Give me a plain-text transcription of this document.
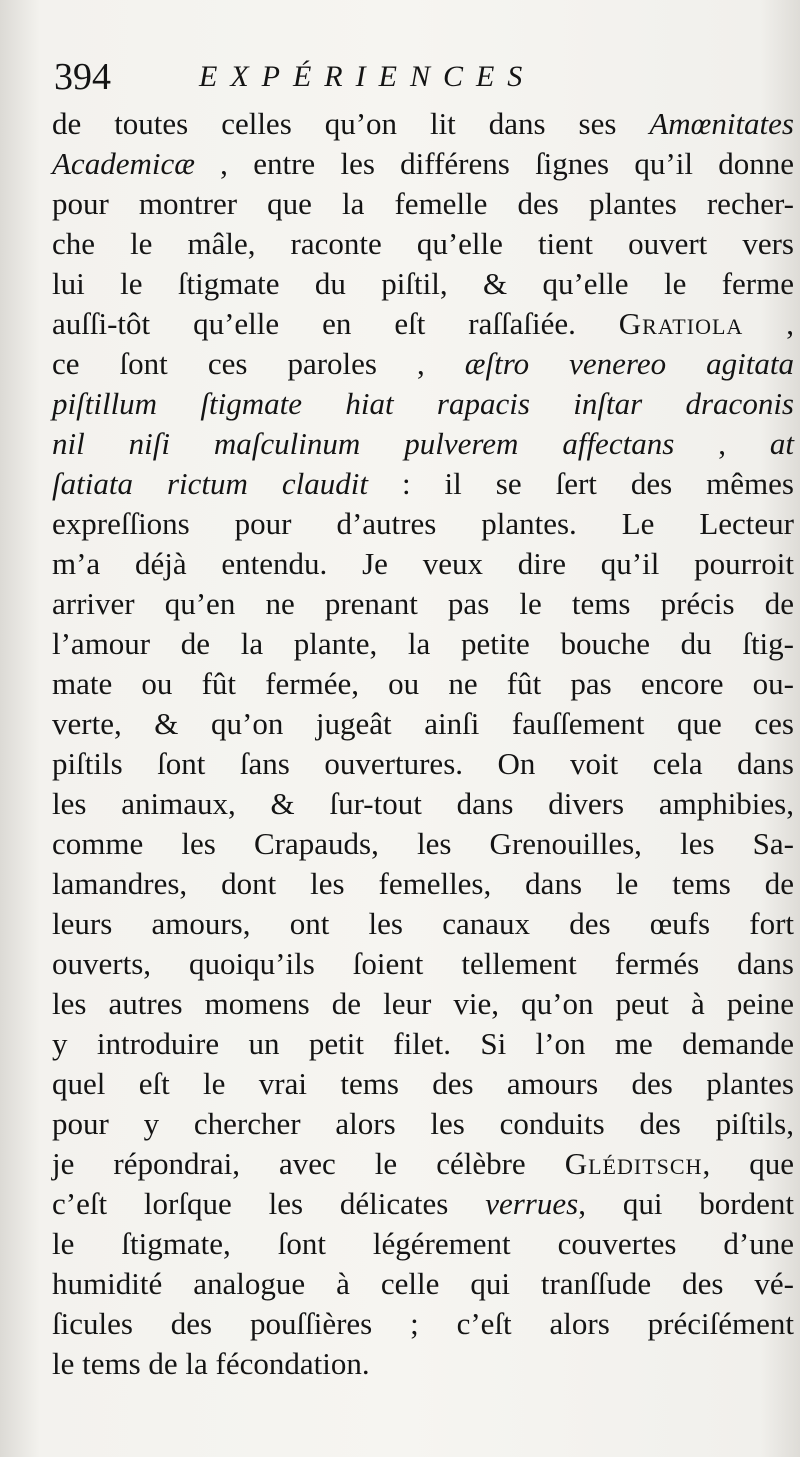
394	EXPÉRIENCES
de toutes celles qu’on lit dans ses Amœnitates
Academicæ , entre les différens ſignes qu’il donne
pour montrer que la femelle des plantes recher-
che le mâle, raconte qu’elle tient ouvert vers
lui le ſtigmate du piſtil, & qu’elle le ferme
auſſi-tôt qu’elle en eſt raſſaſiée. Gratiola ,
ce ſont ces paroles , æſtro venereo agitata
piſtillum ſtigmate hiat rapacis inſtar draconis
nil niſi maſculinum pulverem affectans , at
ſatiata rictum claudit : il se ſert des mêmes
expreſſions pour d’autres plantes. Le Lecteur
m’a déjà entendu. Je veux dire qu’il pourroit
arriver qu’en ne prenant pas le tems précis de
l’amour de la plante, la petite bouche du ſtig-
mate ou fût fermée, ou ne fût pas encore ou-
verte, & qu’on jugeât ainſi fauſſement que ces
piſtils ſont ſans ouvertures. On voit cela dans
les animaux, & ſur-tout dans divers amphibies,
comme les Crapauds, les Grenouilles, les Sa-
lamandres, dont les femelles, dans le tems de
leurs amours, ont les canaux des œufs fort
ouverts, quoiqu’ils ſoient tellement fermés dans
les autres momens de leur vie, qu’on peut à peine
y introduire un petit filet. Si l’on me demande
quel eſt le vrai tems des amours des plantes
pour y chercher alors les conduits des piſtils,
je répondrai, avec le célèbre Gléditsch, que
c’eſt lorſque les délicates verrues, qui bordent
le ſtigmate, ſont légérement couvertes d’une
humidité analogue à celle qui tranſſude des vé-
ſicules des pouſſières ; c’eſt alors préciſément
le tems de la fécondation.
